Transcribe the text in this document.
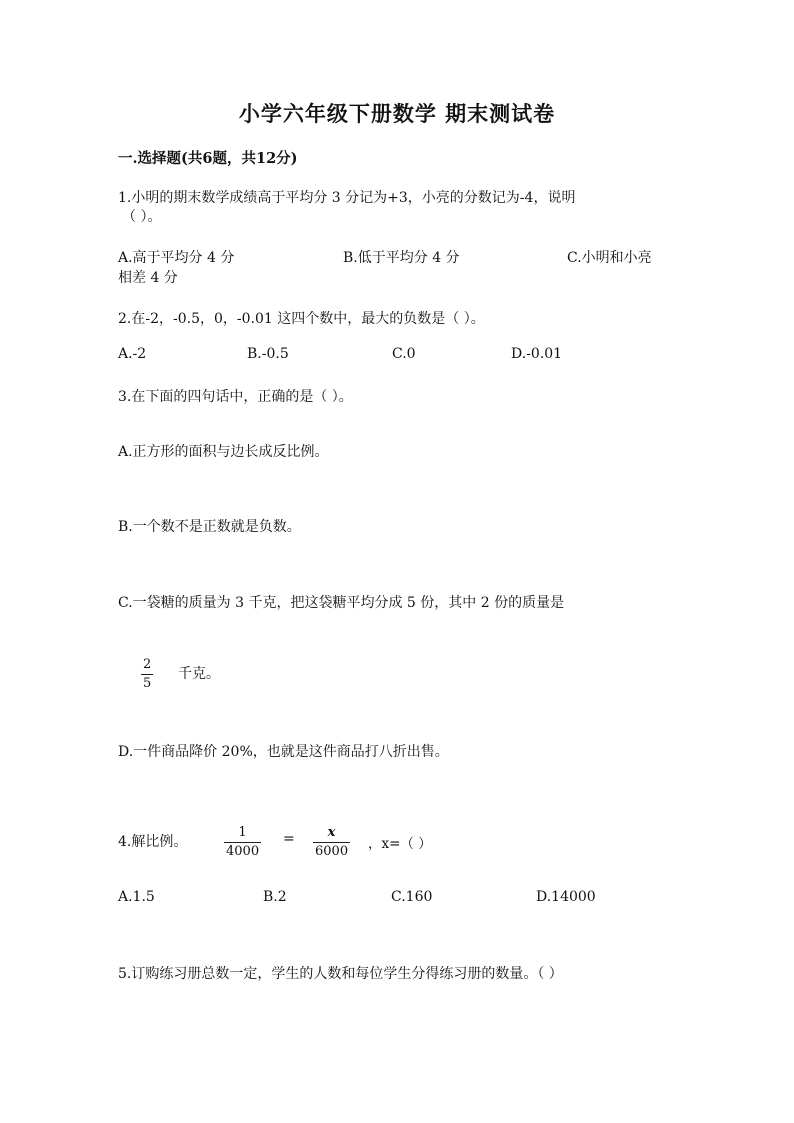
小学六年级下册数学 期末测试卷
一.选择题(共6题，共12分)
1.小明的期末数学成绩高于平均分 3 分记为+3，小亮的分数记为-4，说明
（ ）。
A.高于平均分 4 分	B.低于平均分 4 分	C.小明和小亮
相差 4 分
2.在-2，-0.5，0，-0.01 这四个数中，最大的负数是（ ）。
A.-2	B.-0.5	C.0	D.-0.01
3.在下面的四句话中，正确的是（ ）。
A.正方形的面积与边长成反比例。
B.一个数不是正数就是负数。
C.一袋糖的质量为 3 千克，把这袋糖平均分成 5 份，其中 2 份的质量是
2
5
千克。
D.一件商品降价 20%，也就是这件商品打八折出售。
4.解比例。
1
4000
=	x
6000 ，x=（ ）
A.1.5	B.2	C.160	D.14000
5.订购练习册总数一定，学生的人数和每位学生分得练习册的数量。（ ）
